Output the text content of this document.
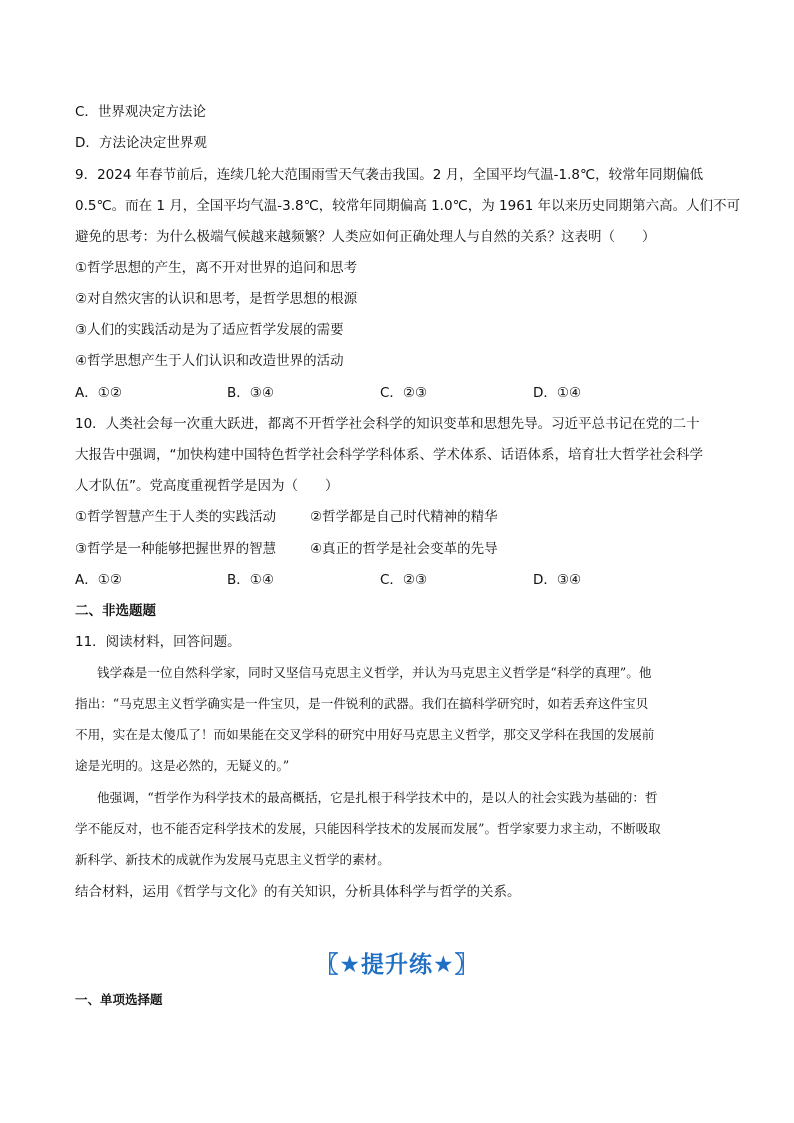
C．世界观决定方法论
D．方法论决定世界观
9．2024 年春节前后，连续几轮大范围雨雪天气袭击我国。2 月，全国平均气温-1.8℃，较常年同期偏低
0.5℃。而在 1 月，全国平均气温-3.8℃，较常年同期偏高 1.0℃，为 1961 年以来历史同期第六高。人们不可
避免的思考：为什么极端气候越来越频繁？人类应如何正确处理人与自然的关系？这表明（　　）
①哲学思想的产生，离不开对世界的追问和思考
②对自然灾害的认识和思考，是哲学思想的根源
③人们的实践活动是为了适应哲学发展的需要
④哲学思想产生于人们认识和改造世界的活动
A．①②	B．③④	C．②③	D．①④
10．人类社会每一次重大跃进，都离不开哲学社会科学的知识变革和思想先导。习近平总书记在党的二十
大报告中强调，“加快构建中国特色哲学社会科学学科体系、学术体系、话语体系，培育壮大哲学社会科学
人才队伍”。党高度重视哲学是因为（　　）
①哲学智慧产生于人类的实践活动	②哲学都是自己时代精神的精华
③哲学是一种能够把握世界的智慧	④真正的哲学是社会变革的先导
A．①②	B．①④	C．②③	D．③④
二、非选题题
11．阅读材料，回答问题。
钱学森是一位自然科学家，同时又坚信马克思主义哲学，并认为马克思主义哲学是“科学的真理”。他
指出：“马克思主义哲学确实是一件宝贝，是一件锐利的武器。我们在搞科学研究时，如若丢弃这件宝贝
不用，实在是太傻瓜了！而如果能在交叉学科的研究中用好马克思主义哲学，那交叉学科在我国的发展前
途是光明的。这是必然的，无疑义的。”
他强调，“哲学作为科学技术的最高概括，它是扎根于科学技术中的，是以人的社会实践为基础的：哲
学不能反对，也不能否定科学技术的发展，只能因科学技术的发展而发展”。哲学家要力求主动，不断吸取
新科学、新技术的成就作为发展马克思主义哲学的素材。
结合材料，运用《哲学与文化》的有关知识，分析具体科学与哲学的关系。
〖★提升练★〗
一、单项选择题
